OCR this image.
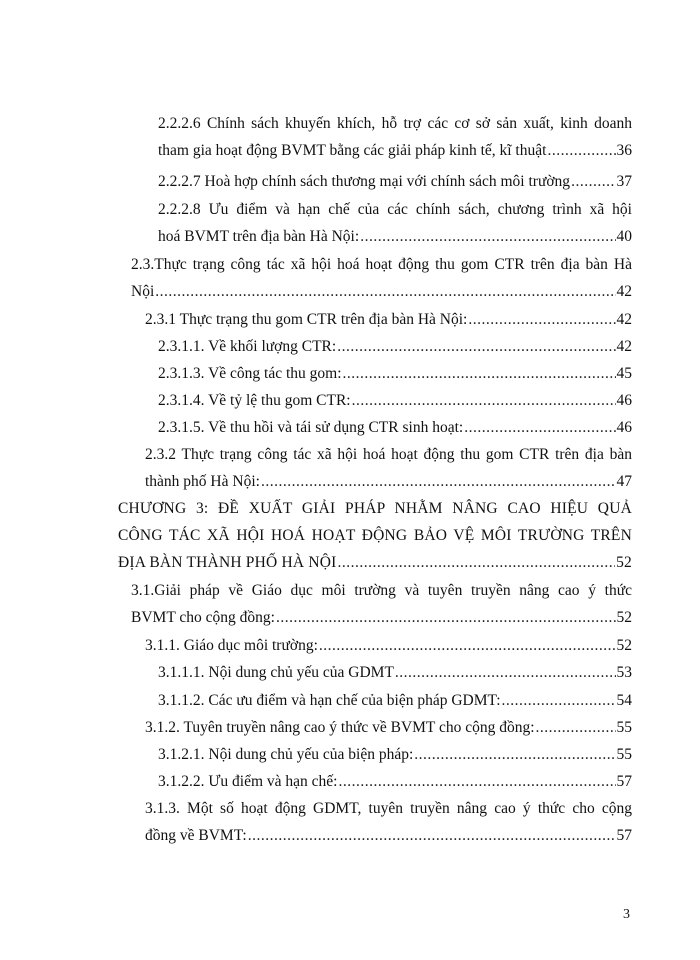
2.2.2.6 Chính sách khuyến khích, hỗ trợ các cơ sở sản xuất, kinh doanh
tham gia hoạt động BVMT bằng các giải pháp kinh tế, kĩ thuật .....	36
2.2.2.7 Hoà hợp chính sách thương mại với chính sách môi trường .....	37
2.2.2.8 Ưu điểm và hạn chế của các chính sách, chương trình xã hội
hoá BVMT trên địa bàn Hà Nội: .....	40
2.3.Thực trạng công tác xã hội hoá hoạt động thu gom CTR trên địa bàn Hà
Nội .....	42
2.3.1 Thực trạng thu gom CTR trên địa bàn Hà Nội: .....	42
2.3.1.1. Về khối lượng CTR: .....	42
2.3.1.3. Về công tác thu gom: .....	45
2.3.1.4. Về tỷ lệ thu gom CTR: .....	46
2.3.1.5. Về thu hồi và tái sử dụng CTR sinh hoạt: .....	46
2.3.2 Thực trạng công tác xã hội hoá hoạt động thu gom CTR trên địa bàn
thành phố Hà Nội: .....	47
CHƯƠNG 3: ĐỀ XUẤT GIẢI PHÁP NHẰM NÂNG CAO HIỆU QUẢ
CÔNG TÁC XÃ HỘI HOÁ HOẠT ĐỘNG BẢO VỆ MÔI TRƯỜNG TRÊN
ĐỊA BÀN THÀNH PHỐ HÀ NỘI .....	52
3.1.Giải pháp về Giáo dục môi trường và tuyên truyền nâng cao ý thức
BVMT cho cộng đồng: .....	52
3.1.1. Giáo dục môi trường: .....	52
3.1.1.1. Nội dung chủ yếu của GDMT .....	53
3.1.1.2. Các ưu điểm và hạn chế của biện pháp GDMT: .....	54
3.1.2. Tuyên truyền nâng cao ý thức về BVMT cho cộng đồng: .....	55
3.1.2.1. Nội dung chủ yếu của biện pháp: .....	55
3.1.2.2. Ưu điểm và hạn chế: .....	57
3.1.3. Một số hoạt động GDMT, tuyên truyền nâng cao ý thức cho cộng
đồng về BVMT: .....	57
3
